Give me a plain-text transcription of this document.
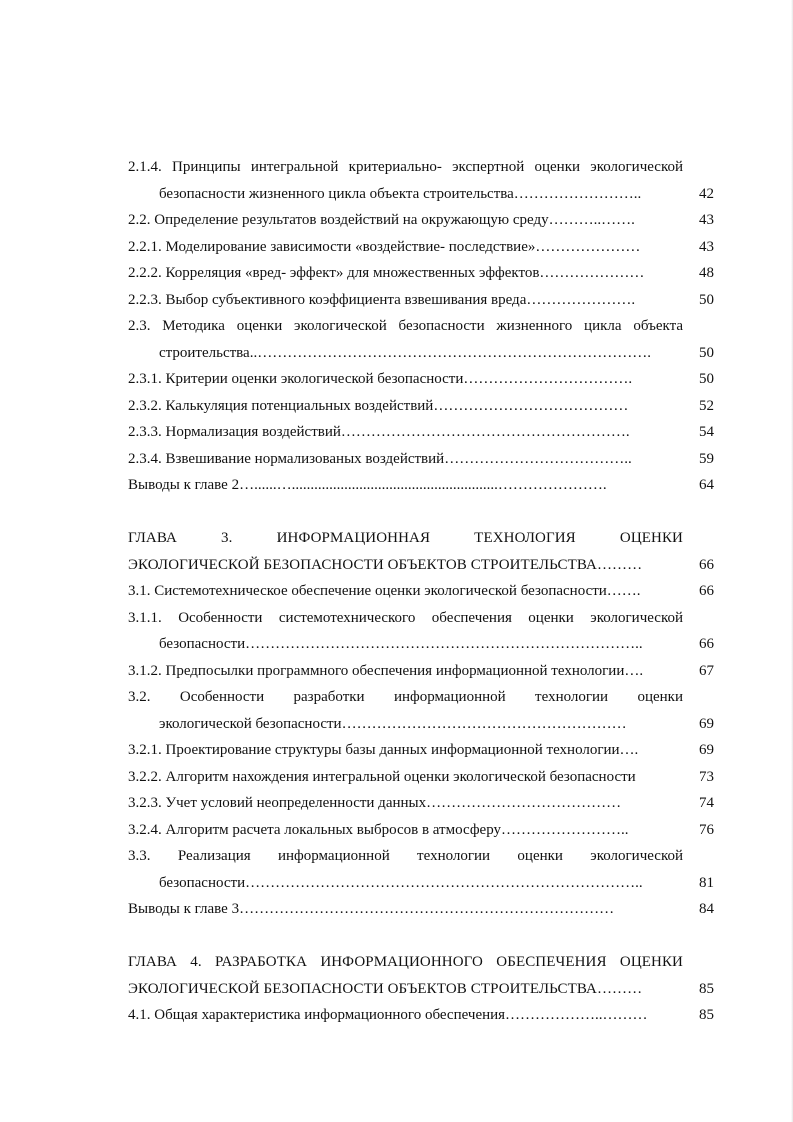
2.1.4. Принципы интегральной критериально- экспертной оценки экологической
безопасности жизненного цикла объекта строительства……………………..	42
2.2. Определение результатов воздействий на окружающую среду………..…….	43
2.2.1. Моделирование зависимости «воздействие- последствие»…………………	43
2.2.2. Корреляция «вред- эффект» для множественных эффектов…………………	48
2.2.3. Выбор субъективного коэффициента взвешивания вреда………………….	50
2.3. Методика оценки экологической безопасности жизненного цикла объекта
строительства..…………………………………………………………………….	50
2.3.1. Критерии оценки экологической безопасности…………………………….	50
2.3.2. Калькуляция потенциальных воздействий…………………………………	52
2.3.3. Нормализация воздействий………………………………………………….	54
2.3.4. Взвешивание нормализованых воздействий………………………………..	59
Выводы к главе 2…......….......................................................………………….	64
ГЛАВА 3. ИНФОРМАЦИОННАЯ ТЕХНОЛОГИЯ ОЦЕНКИ
ЭКОЛОГИЧЕСКОЙ БЕЗОПАСНОСТИ ОБЪЕКТОВ СТРОИТЕЛЬСТВА………	66
3.1. Системотехническое обеспечение оценки экологической безопасности…….	66
3.1.1. Особенности системотехнического обеспечения оценки экологической
безопасности……………………………………………………………………..	66
3.1.2. Предпосылки программного обеспечения информационной технологии….	67
3.2. Особенности разработки информационной технологии оценки
экологической безопасности…………………………………………………	69
3.2.1. Проектирование структуры базы данных информационной технологии….	69
3.2.2. Алгоритм нахождения интегральной оценки экологической безопасности	73
3.2.3. Учет условий неопределенности данных…………………………………	74
3.2.4. Алгоритм расчета локальных выбросов в атмосферу……………………..	76
3.3. Реализация информационной технологии оценки экологической
безопасности……………………………………………………………………..	81
Выводы к главе 3…………………………………………………………………	84
ГЛАВА 4. РАЗРАБОТКА ИНФОРМАЦИОННОГО ОБЕСПЕЧЕНИЯ ОЦЕНКИ
ЭКОЛОГИЧЕСКОЙ БЕЗОПАСНОСТИ ОБЪЕКТОВ СТРОИТЕЛЬСТВА………	85
4.1. Общая характеристика информационного обеспечения………………..………	85
